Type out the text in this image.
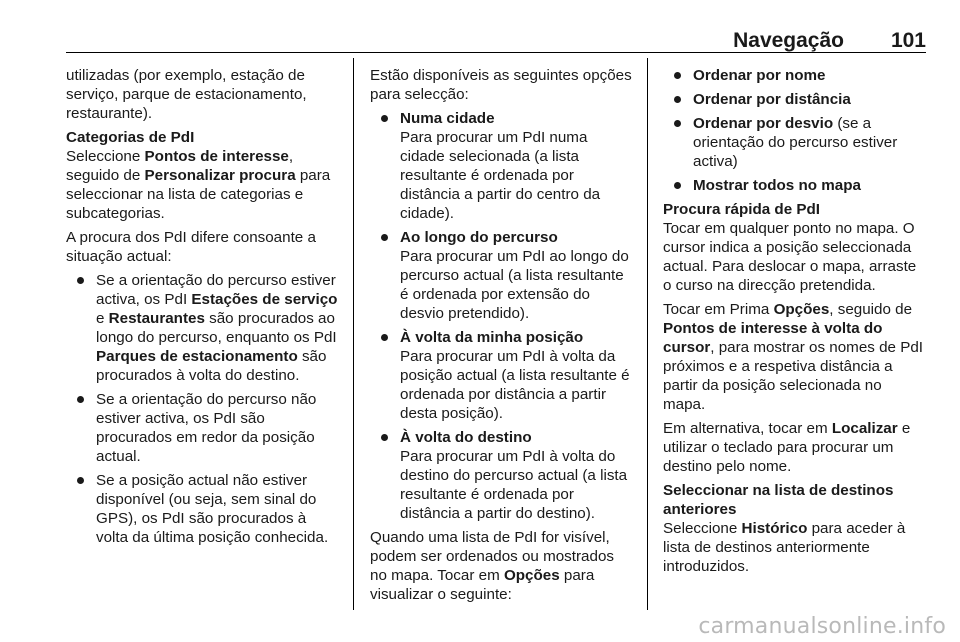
Navegação 101

utilizadas (por exemplo, estação de serviço, parque de estacionamento, restaurante).

Categorias de PdI

Seleccione Pontos de interesse, seguido de Personalizar procura para seleccionar na lista de categorias e subcategorias.

A procura dos PdI difere consoante a situação actual:

Se a orientação do percurso estiver activa, os PdI Estações de serviço e Restaurantes são procurados ao longo do percurso, enquanto os PdI Parques de estacionamento são procurados à volta do destino.
Se a orientação do percurso não estiver activa, os PdI são procurados em redor da posição actual.
Se a posição actual não estiver disponível (ou seja, sem sinal do GPS), os PdI são procurados à volta da última posição conhecida.

Estão disponíveis as seguintes opções para selecção:

Numa cidade
Para procurar um PdI numa cidade selecionada (a lista resultante é ordenada por distância a partir do centro da cidade).
Ao longo do percurso
Para procurar um PdI ao longo do percurso actual (a lista resultante é ordenada por extensão do desvio pretendido).
À volta da minha posição
Para procurar um PdI à volta da posição actual (a lista resultante é ordenada por distância a partir desta posição).
À volta do destino
Para procurar um PdI à volta do destino do percurso actual (a lista resultante é ordenada por distância a partir do destino).

Quando uma lista de PdI for visível, podem ser ordenados ou mostrados no mapa. Tocar em Opções para visualizar o seguinte:

Ordenar por nome
Ordenar por distância
Ordenar por desvio (se a orientação do percurso estiver activa)
Mostrar todos no mapa

Procura rápida de PdI

Tocar em qualquer ponto no mapa. O cursor indica a posição seleccionada actual. Para deslocar o mapa, arraste o curso na direcção pretendida.

Tocar em Prima Opções, seguido de Pontos de interesse à volta do cursor, para mostrar os nomes de PdI próximos e a respetiva distância a partir da posição selecionada no mapa.

Em alternativa, tocar em Localizar e utilizar o teclado para procurar um destino pelo nome.

Seleccionar na lista de destinos anteriores

Seleccione Histórico para aceder à lista de destinos anteriormente introduzidos.

carmanualsonline.info
